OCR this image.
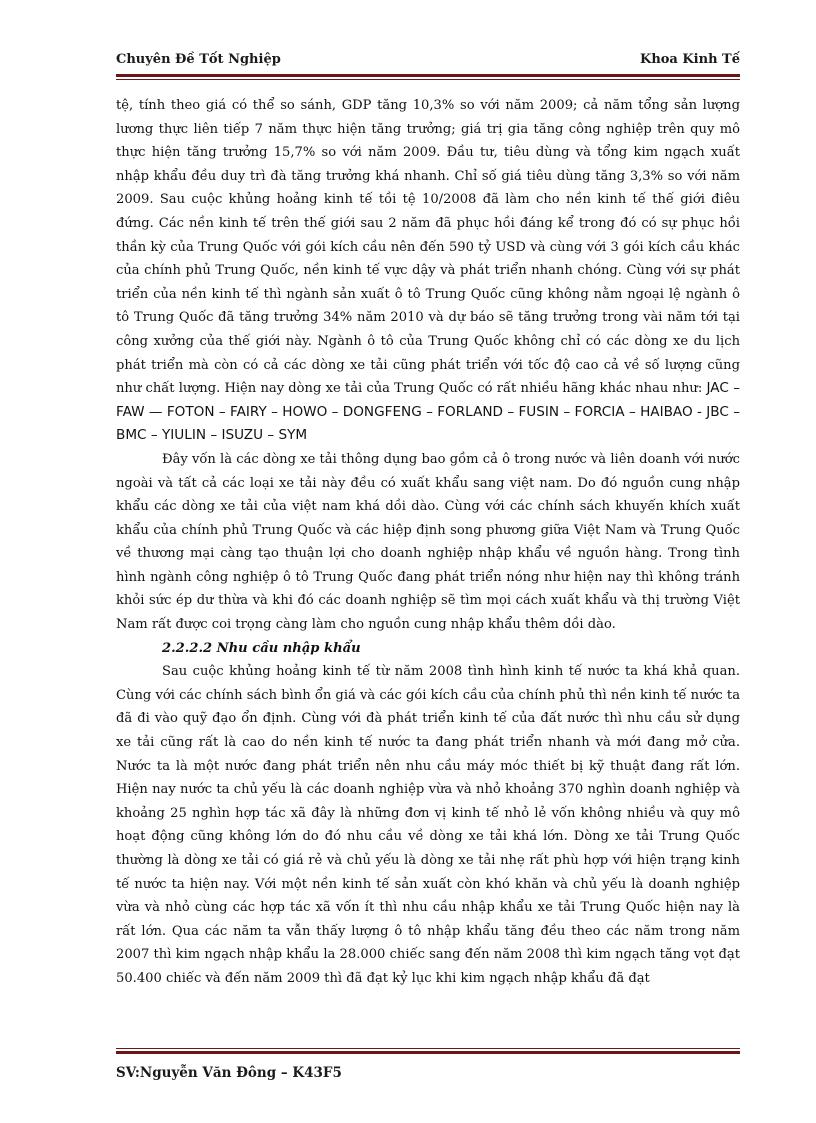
Chuyên Đề Tốt Nghiệp	Khoa Kinh Tế

tệ, tính theo giá có thể so sánh, GDP tăng 10,3% so với năm 2009; cả năm tổng sản lượng lương thực liên tiếp 7 năm thực hiện tăng trưởng; giá trị gia tăng công nghiệp trên quy mô thực hiện tăng trưởng 15,7% so với năm 2009. Đầu tư, tiêu dùng và tổng kim ngạch xuất nhập khẩu đều duy trì đà tăng trưởng khá nhanh. Chỉ số giá tiêu dùng tăng 3,3% so với năm 2009. Sau cuộc khủng hoảng kinh tế tồi tệ 10/2008 đã làm cho nền kinh tế thế giới điêu đứng. Các nền kinh tế trên thế giới sau 2 năm đã phục hồi đáng kể trong đó có sự phục hồi thần kỳ của Trung Quốc với gói kích cầu nên đến 590 tỷ USD và cùng với 3 gói kích cầu khác của chính phủ Trung Quốc, nền kinh tế vực dậy và phát triển nhanh chóng. Cùng với sự phát triển của nền kinh tế thì ngành sản xuất ô tô Trung Quốc cũng không nằm ngoại lệ ngành ô tô Trung Quốc đã tăng trưởng 34% năm 2010 và dự báo sẽ tăng trưởng trong vài năm tới tại công xưởng của thế giới này. Ngành ô tô của Trung Quốc không chỉ có các dòng xe du lịch phát triển mà còn có cả các dòng xe tải cũng phát triển với tốc độ cao cả về số lượng cũng như chất lượng. Hiện nay dòng xe tải của Trung Quốc có rất nhiều hãng khác nhau như: JAC – FAW — FOTON – FAIRY – HOWO – DONGFENG – FORLAND – FUSIN – FORCIA – HAIBAO - JBC – BMC – YIULIN – ISUZU – SYM

Đây vốn là các dòng xe tải thông dụng bao gồm cả ô trong nước và liên doanh với nước ngoài và tất cả các loại xe tải này đều có xuất khẩu sang việt nam. Do đó nguồn cung nhập khẩu các dòng xe tải của việt nam khá dồi dào. Cùng với các chính sách khuyến khích xuất khẩu của chính phủ Trung Quốc và các hiệp định song phương giữa Việt Nam và Trung Quốc về thương mại càng tạo thuận lợi cho doanh nghiệp nhập khẩu về nguồn hàng. Trong tình hình ngành công nghiệp ô tô Trung Quốc đang phát triển nóng như hiện nay thì không tránh khỏi sức ép dư thừa và khi đó các doanh nghiệp sẽ tìm mọi cách xuất khẩu và thị trường Việt Nam rất được coi trọng càng làm cho nguồn cung nhập khẩu thêm dồi dào.

2.2.2.2 Nhu cầu nhập khẩu

Sau cuộc khủng hoảng kinh tế từ năm 2008 tình hình kinh tế nước ta khá khả quan. Cùng với các chính sách bình ổn giá và các gói kích cầu của chính phủ thì nền kinh tế nước ta đã đi vào quỹ đạo ổn định. Cùng với đà phát triển kinh tế của đất nước thì nhu cầu sử dụng xe tải cũng rất là cao do nền kinh tế nước ta đang phát triển nhanh và mới đang mở cửa. Nước ta là một nước đang phát triển nên nhu cầu máy móc thiết bị kỹ thuật đang rất lớn. Hiện nay nước ta chủ yếu là các doanh nghiệp vừa và nhỏ khoảng 370 nghìn doanh nghiệp và khoảng 25 nghìn hợp tác xã đây là những đơn vị kinh tế nhỏ lẻ vốn không nhiều và quy mô hoạt động cũng không lớn do đó nhu cầu về dòng xe tải khá lớn. Dòng xe tải Trung Quốc thường là dòng xe tải có giá rẻ và chủ yếu là dòng xe tải nhẹ rất phù hợp với hiện trạng kinh tế nước ta hiện nay. Với một nền kinh tế sản xuất còn khó khăn và chủ yếu là doanh nghiệp vừa và nhỏ cùng các hợp tác xã vốn ít thì nhu cầu nhập khẩu xe tải Trung Quốc hiện nay là rất lớn. Qua các năm ta vẫn thấy lượng ô tô nhập khẩu tăng đều theo các năm trong năm 2007 thì kim ngạch nhập khẩu la 28.000 chiếc sang đến năm 2008 thì kim ngạch tăng vọt đạt 50.400 chiếc và đến năm 2009 thì đã đạt kỷ lục khi kim ngạch nhập khẩu đã đạt

SV:Nguyễn Văn Đông – K43F5
